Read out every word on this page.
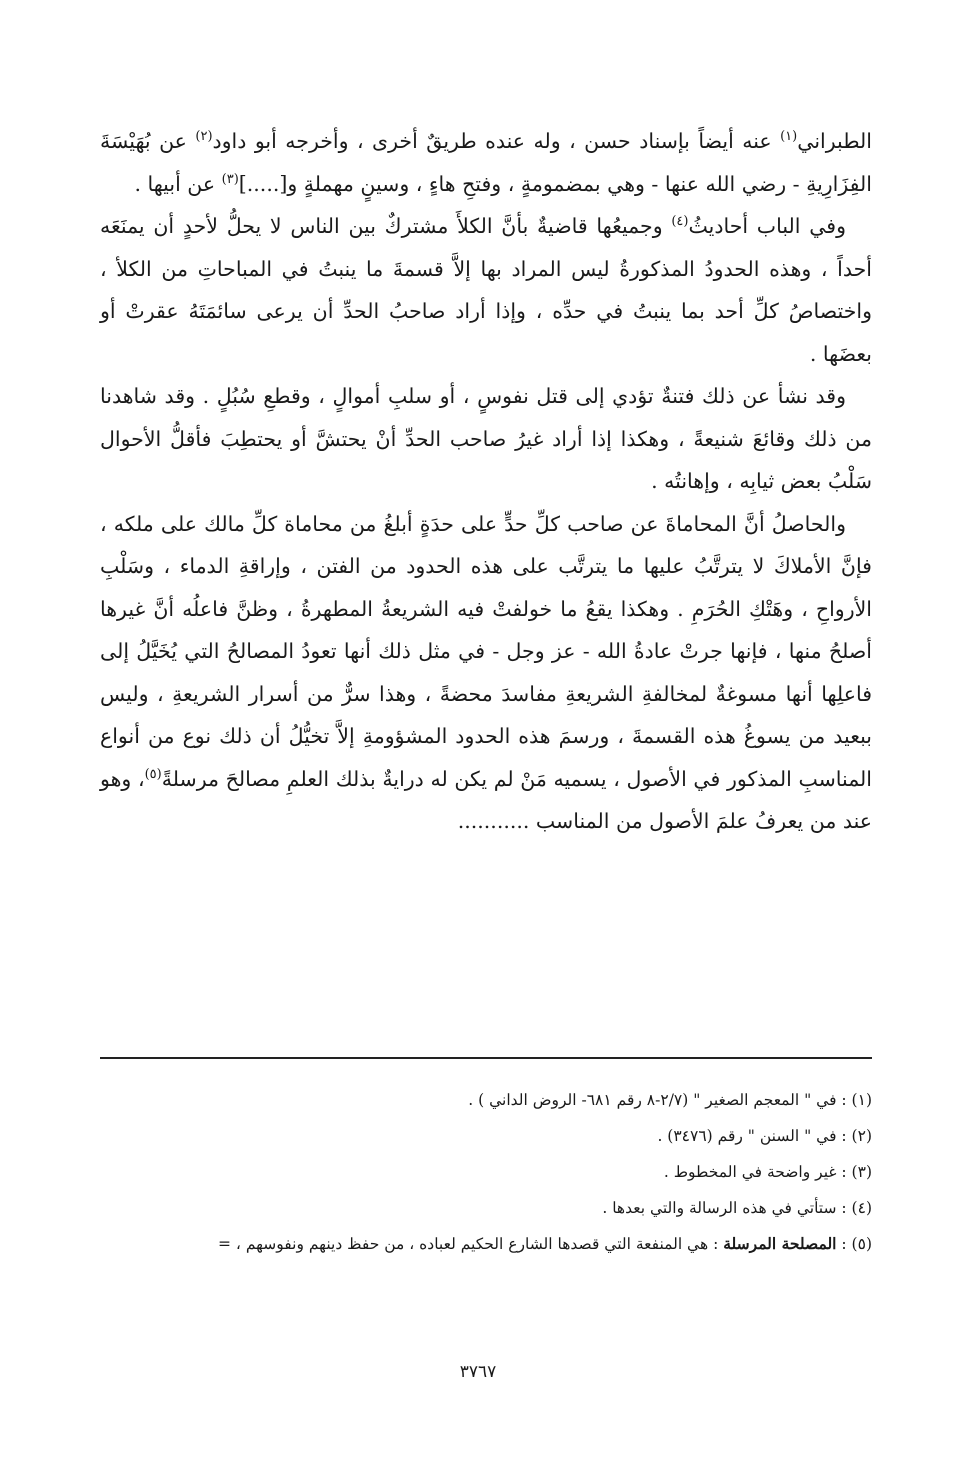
الطبراني$^{(١)}$ عنه أيضاً بإسناد حسن ، وله عنده طريقٌ أخرى ، وأخرجه أبو داود$^{(٢)}$ عن بُهَيْسَةَ الفِزَارِيةِ - رضي الله عنها - وهي بمضمومةٍ ، وفتحِ هاءٍ ، وسينٍ مهملةٍ و[.....]$^{(٣)}$ عن أبيها .

وفي الباب أحاديثُ$^{(٤)}$ وجميعُها قاضيةٌ بأنَّ الكلأَ مشتركٌ بين الناس لا يحلُّ لأحدٍ أن يمنَعَه أحداً ، وهذه الحدودُ المذكورةُ ليس المراد بها إلاَّ قسمةَ ما ينبتُ في المباحاتِ من الكلأ ، واختصاصُ كلِّ أحد بما ينبتُ في حدِّه ، وإذا أراد صاحبُ الحدِّ أن يرعى سائمَتَهُ عقرتْ أو بعضَها .

وقد نشأ عن ذلك فتنةٌ تؤدي إلى قتل نفوسٍ ، أو سلبِ أموالٍ ، وقطعِ سُبُلٍ . وقد شاهدنا من ذلك وقائعَ شنيعةً ، وهكذا إذا أراد غيرُ صاحب الحدِّ أنْ يحتشَّ أو يحتطِبَ فأقلُّ الأحوال سَلْبُ بعض ثيابِه ، وإهانتُه .

والحاصلُ أنَّ المحاماةَ عن صاحب كلِّ حدٍّ على حدَةٍ أبلغُ من محاماة كلِّ مالك على ملكه ، فإنَّ الأملاكَ لا يترتَّبُ عليها ما يترتَّب على هذه الحدود من الفتن ، وإراقةِ الدماء ، وسَلْبِ الأرواحِ ، وهَتْكِ الحُرَمِ . وهكذا يقعُ ما خولفتْ فيه الشريعةُ المطهرةُ ، وظنَّ فاعلُه أنَّ غيرها أصلحُ منها ، فإنها جرتْ عادةُ الله - عز وجل - في مثل ذلك أنها تعودُ المصالحُ التي يُخَيَّلُ إلى فاعلِها أنها مسوغةٌ لمخالفةِ الشريعةِ مفاسدَ محضةً ، وهذا سرٌّ من أسرار الشريعةِ ، وليس ببعيد من يسوغُ هذه القسمةَ ، ورسمَ هذه الحدود المشؤومةِ إلاَّ تخيُّلُ أن ذلك نوع من أنواع المناسبِ المذكور في الأصول ، يسميه مَنْ لم يكن له درايةٌ بذلك العلمِ مصالحَ مرسلةً$^{(٥)}$، وهو عند من يعرفُ علمَ الأصول من المناسب ...........

(١) : في " المعجم الصغير " (٢/٧-٨ رقم ٦٨١- الروض الداني ) .

(٢) : في " السنن " رقم (٣٤٧٦) .

(٣) : غير واضحة في المخطوط .

(٤) : ستأتي في هذه الرسالة والتي بعدها .

(٥) : المصلحة المرسلة : هي المنفعة التي قصدها الشارع الحكيم لعباده ، من حفظ دينهم ونفوسهم ، =

٣٧٦٧
